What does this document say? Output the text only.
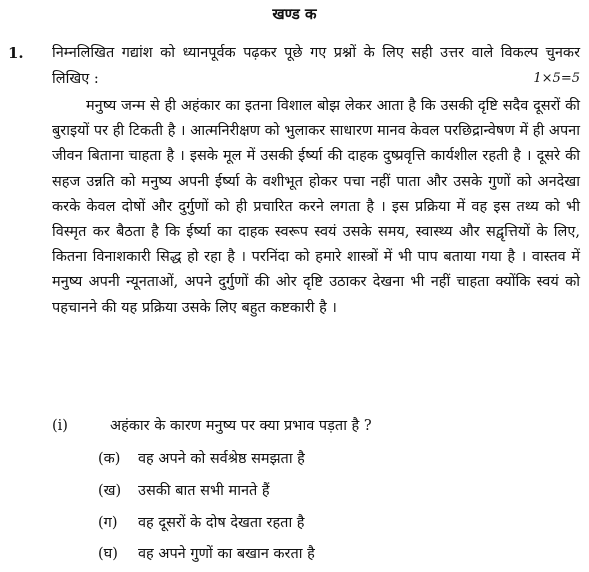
खण्ड क
1. निम्नलिखित गद्यांश को ध्यानपूर्वक पढ़कर पूछे गए प्रश्नों के लिए सही उत्तर वाले विकल्प चुनकर लिखिए :	1×5=5
मनुष्य जन्म से ही अहंकार का इतना विशाल बोझ लेकर आता है कि उसकी दृष्टि सदैव दूसरों की बुराइयों पर ही टिकती है । आत्मनिरीक्षण को भुलाकर साधारण मानव केवल परछिद्रान्वेषण में ही अपना जीवन बिताना चाहता है । इसके मूल में उसकी ईर्ष्या की दाहक दुष्प्रवृत्ति कार्यशील रहती है । दूसरे की सहज उन्नति को मनुष्य अपनी ईर्ष्या के वशीभूत होकर पचा नहीं पाता और उसके गुणों को अनदेखा करके केवल दोषों और दुर्गुणों को ही प्रचारित करने लगता है । इस प्रक्रिया में वह इस तथ्य को भी विस्मृत कर बैठता है कि ईर्ष्या का दाहक स्वरूप स्वयं उसके समय, स्वास्थ्य और सद्वृत्तियों के लिए, कितना विनाशकारी सिद्ध हो रहा है । परनिंदा को हमारे शास्त्रों में भी पाप बताया गया है । वास्तव में मनुष्य अपनी न्यूनताओं, अपने दुर्गुणों की ओर दृष्टि उठाकर देखना भी नहीं चाहता क्योंकि स्वयं को पहचानने की यह प्रक्रिया उसके लिए बहुत कष्टकारी है ।
(i)	अहंकार के कारण मनुष्य पर क्या प्रभाव पड़ता है ?
(क) वह अपने को सर्वश्रेष्ठ समझता है
(ख) उसकी बात सभी मानते हैं
(ग) वह दूसरों के दोष देखता रहता है
(घ) वह अपने गुणों का बखान करता है
